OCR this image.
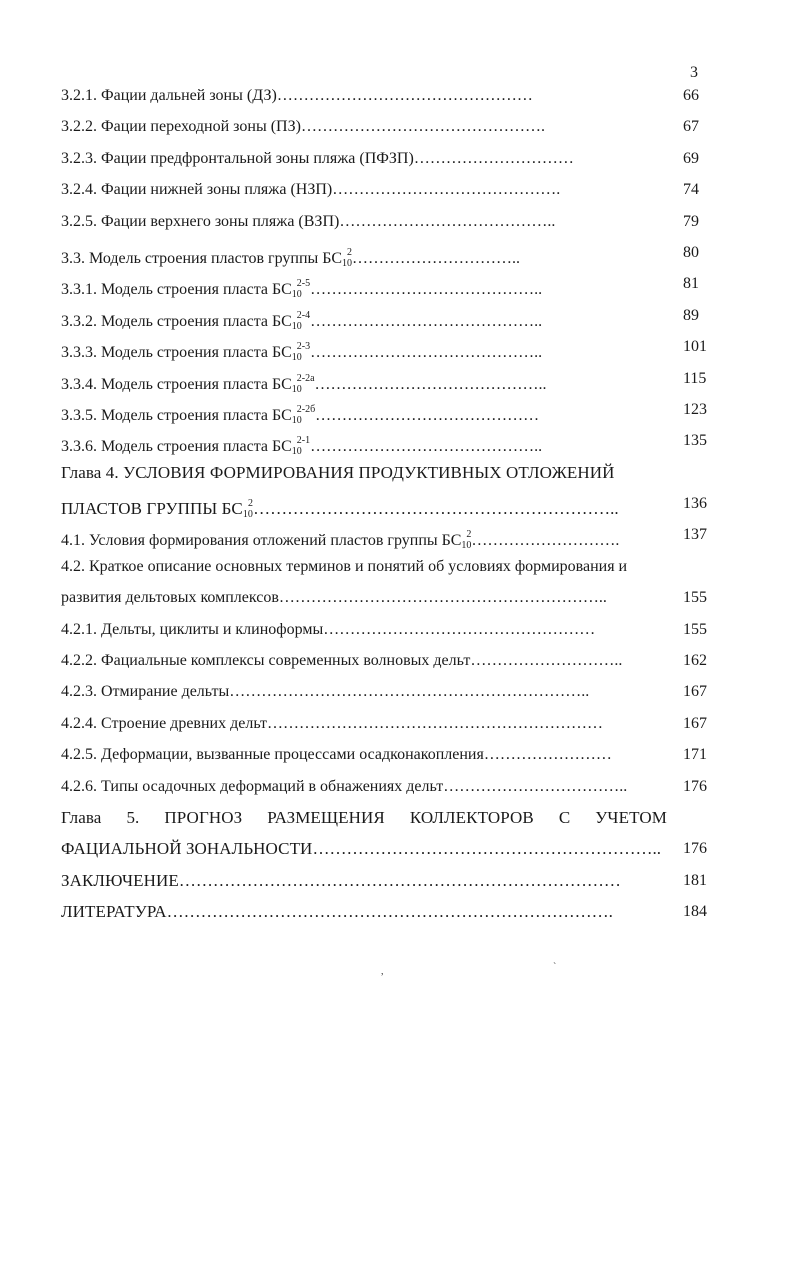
3
3.2.1. Фации дальней зоны (ДЗ)…………………………………………	66
3.2.2. Фации переходной зоны (ПЗ)……………………………………….	67
3.2.3. Фации предфронтальной зоны пляжа (ПФЗП)…………………………	69
3.2.4. Фации нижней зоны пляжа (НЗП)…………………………………….	74
3.2.5. Фации верхнего зоны пляжа (ВЗП)…………………………………..	79
3.3. Модель строения пластов группы $БС_{10}^2\dots\dots\dots\dots\dots\dots\dots\dots\dots\dots$..	80
3.3.1. Модель строения пласта $БС_{10}^{2-5}\dots\dots\dots\dots\dots\dots\dots\dots\dots\dots\dots\dots\dots\dots$..	81
3.3.2. Модель строения пласта $БС_{10}^{2-4}\dots\dots\dots\dots\dots\dots\dots\dots\dots\dots\dots\dots\dots\dots$..	89
3.3.3. Модель строения пласта $БС_{10}^{2-3}\dots\dots\dots\dots\dots\dots\dots\dots\dots\dots\dots\dots\dots\dots$..	101
3.3.4. Модель строения пласта $БС_{10}^{2-2а}\dots\dots\dots\dots\dots\dots\dots\dots\dots\dots\dots\dots\dots\dots$..	115
3.3.5. Модель строения пласта $БС_{10}^{2-2б}\dots\dots\dots\dots\dots\dots\dots\dots\dots\dots\dots\dots\dots\dots$	123
3.3.6. Модель строения пласта $БС_{10}^{2-1}\dots\dots\dots\dots\dots\dots\dots\dots\dots\dots\dots\dots\dots\dots$..	135
Глава 4. УСЛОВИЯ ФОРМИРОВАНИЯ ПРОДУКТИВНЫХ ОТЛОЖЕНИЙ
ПЛАСТОВ ГРУППЫ $БС_{10}^2\dots\dots\dots\dots\dots\dots\dots\dots\dots\dots\dots\dots\dots\dots\dots\dots\dots\dots\dots\dots\dots$..	136
4.1. Условия формирования отложений пластов группы $БС_{10}^2\dots\dots\dots\dots\dots\dots\dots\dots\dots$.	137
4.2. Краткое описание основных терминов и понятий об условиях формирования и
развития дельтовых комплексов……………………………………………………..	155
4.2.1. Дельты, циклиты и клиноформы……………………………………………	155
4.2.2. Фациальные комплексы современных волновых дельт………………………..	162
4.2.3. Отмирание дельты…………………………………………………………..	167
4.2.4. Строение древних дельт………………………………………………………	167
4.2.5. Деформации, вызванные процессами осадконакопления……………………	171
4.2.6. Типы осадочных деформаций в обнажениях дельт……………………………..	176
Глава 5. ПРОГНОЗ РАЗМЕЩЕНИЯ КОЛЛЕКТОРОВ С УЧЕТОМ
ФАЦИАЛЬНОЙ ЗОНАЛЬНОСТИ…………………………………………………….. 176
ЗАКЛЮЧЕНИЕ……………………………………………………………………	181
ЛИТЕРАТУРА…………………………………………………………………….	184
,	`
